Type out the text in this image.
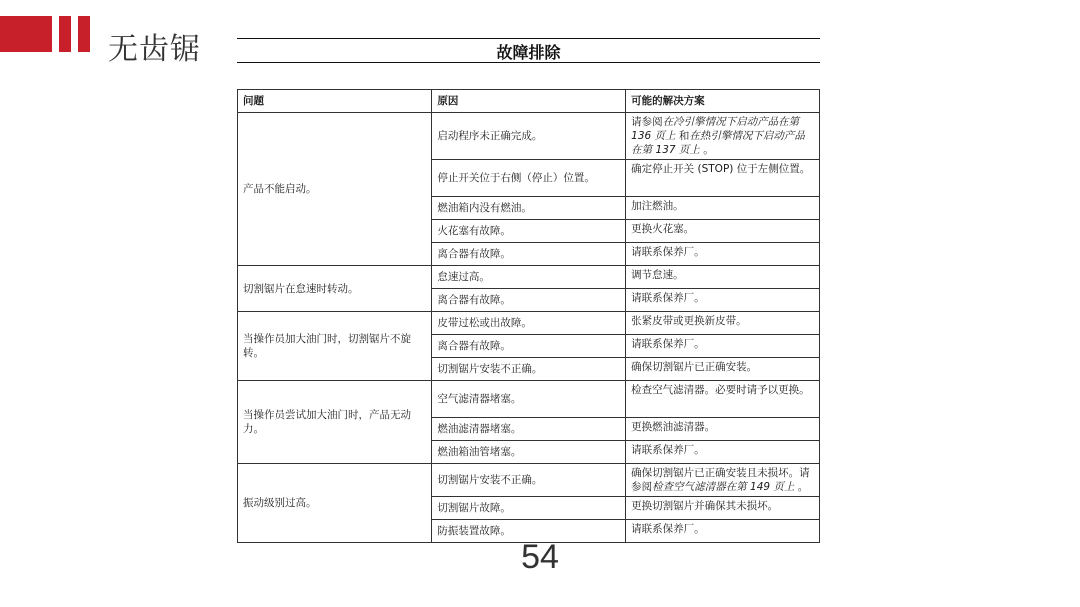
无齿锯	故障排除
问题	原因	可能的解决方案
产品不能启动。	启动程序未正确完成。	请参阅在冷引擎情况下启动产品在第 136 页上 和在热引擎情况下启动产品在第 137 页上 。
	停止开关位于右侧（停止）位置。	确定停止开关 (STOP) 位于左侧位置。
	燃油箱内没有燃油。	加注燃油。
	火花塞有故障。	更换火花塞。
	离合器有故障。	请联系保养厂。
切割锯片在怠速时转动。	怠速过高。	调节怠速。
	离合器有故障。	请联系保养厂。
当操作员加大油门时，切割锯片不旋转。	皮带过松或出故障。	张紧皮带或更换新皮带。
	离合器有故障。	请联系保养厂。
	切割锯片安装不正确。	确保切割锯片已正确安装。
当操作员尝试加大油门时，产品无动力。	空气滤清器堵塞。	检查空气滤清器。必要时请予以更换。
	燃油滤清器堵塞。	更换燃油滤清器。
	燃油箱油管堵塞。	请联系保养厂。
振动级别过高。	切割锯片安装不正确。	确保切割锯片已正确安装且未损坏。请参阅检查空气滤清器在第 149 页上 。
	切割锯片故障。	更换切割锯片并确保其未损坏。
	防振装置故障。	请联系保养厂。
54
